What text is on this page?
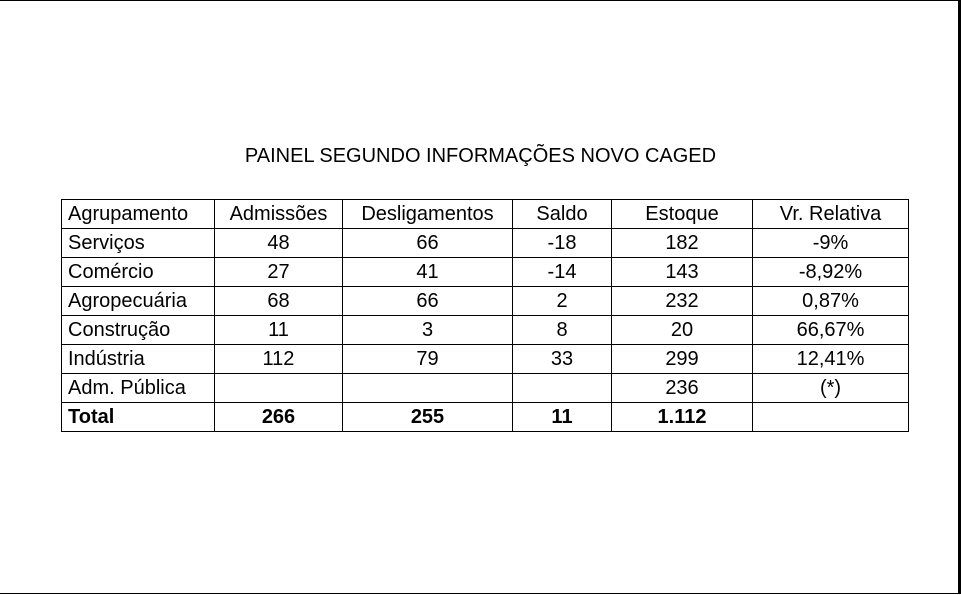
PAINEL SEGUNDO INFORMAÇÕES NOVO CAGED
Agrupamento	Admissões	Desligamentos	Saldo	Estoque	Vr. Relativa
Serviços	48	66	-18	182	-9%
Comércio	27	41	-14	143	-8,92%
Agropecuária	68	66	2	232	0,87%
Construção	11	3	8	20	66,67%
Indústria	112	79	33	299	12,41%
Adm. Pública				236	(*)
Total	266	255	11	1.112	
